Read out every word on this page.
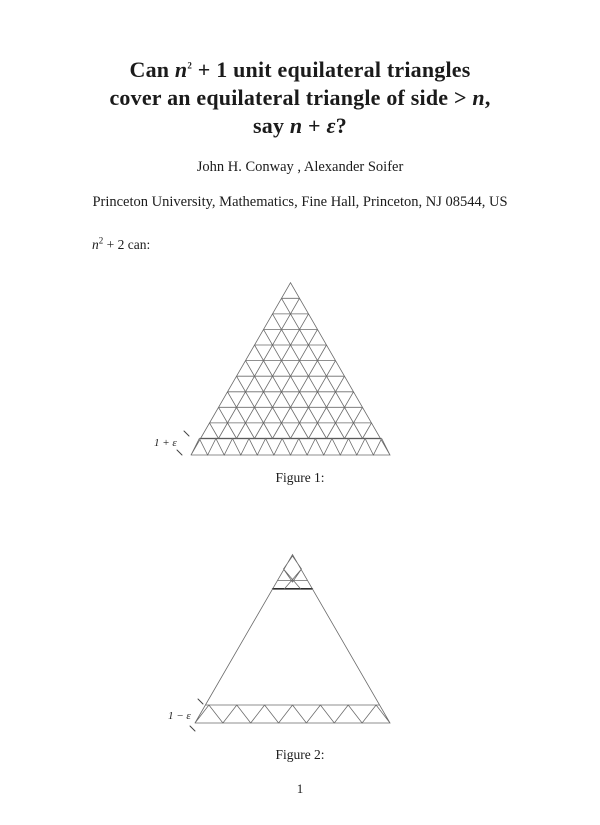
Can $n^2 + 1$ unit equilateral triangles
cover an equilateral triangle of side > n,
say n + ε?
John H. Conway , Alexander Soifer
Princeton University, Mathematics, Fine Hall, Princeton, NJ 08544, US
$n^2 + 2$ can:
1 + ε
Figure 1:
1 − ε
Figure 2:
1
